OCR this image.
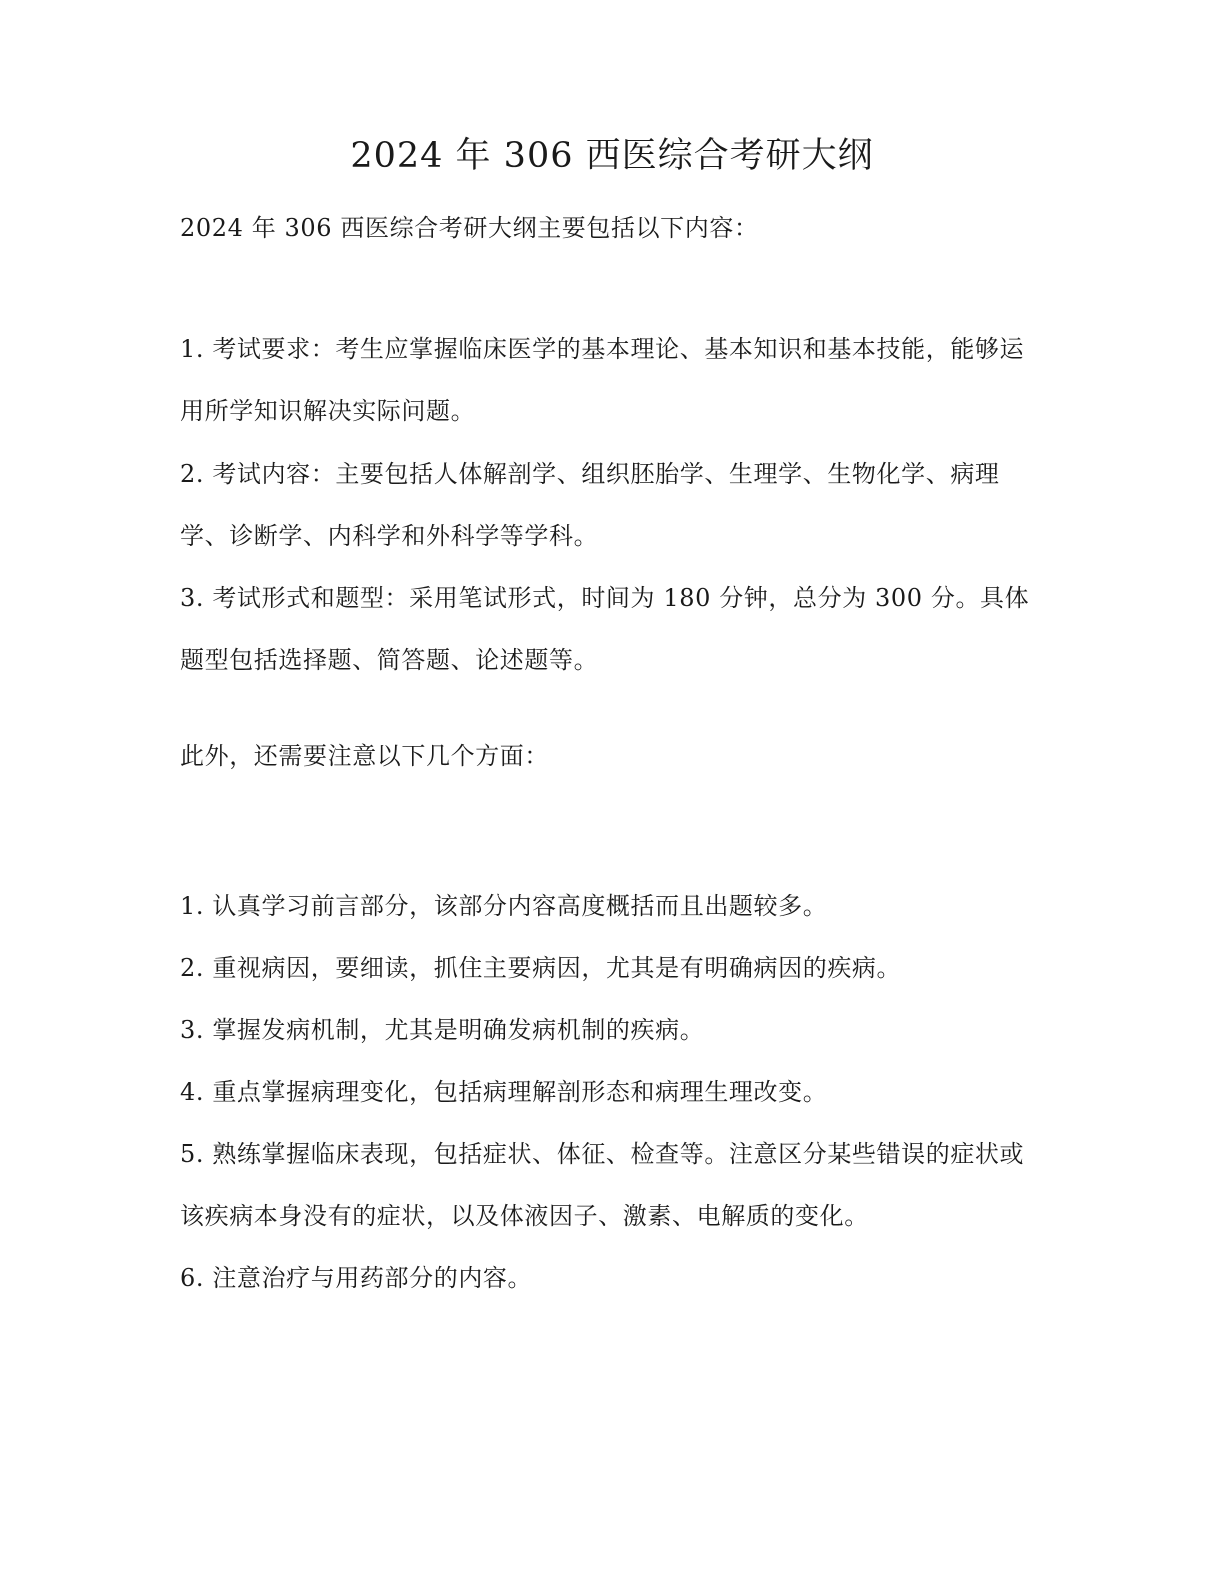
2024 年 306 西医综合考研大纲

2024 年 306 西医综合考研大纲主要包括以下内容：

1. 考试要求：考生应掌握临床医学的基本理论、基本知识和基本技能，能够运用所学知识解决实际问题。

2. 考试内容：主要包括人体解剖学、组织胚胎学、生理学、生物化学、病理学、诊断学、内科学和外科学等学科。

3. 考试形式和题型：采用笔试形式，时间为 180 分钟，总分为 300 分。具体题型包括选择题、简答题、论述题等。

此外，还需要注意以下几个方面：

1. 认真学习前言部分，该部分内容高度概括而且出题较多。

2. 重视病因，要细读，抓住主要病因，尤其是有明确病因的疾病。

3. 掌握发病机制，尤其是明确发病机制的疾病。

4. 重点掌握病理变化，包括病理解剖形态和病理生理改变。

5. 熟练掌握临床表现，包括症状、体征、检查等。注意区分某些错误的症状或该疾病本身没有的症状，以及体液因子、激素、电解质的变化。

6. 注意治疗与用药部分的内容。
